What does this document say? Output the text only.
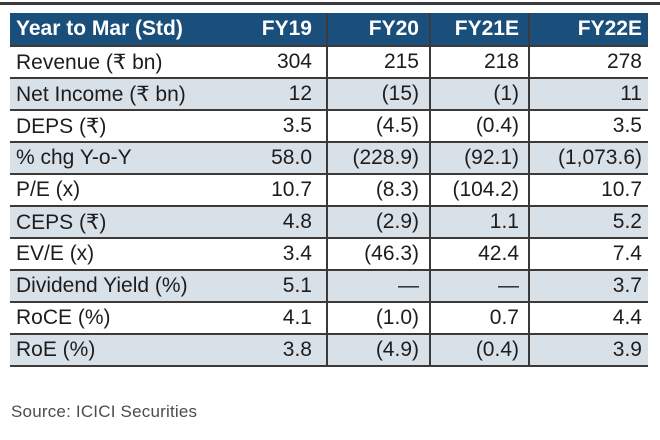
Year to Mar (Std)	FY19	FY20	FY21E	FY22E
Revenue (₹ bn)	304	215	218	278
Net Income (₹ bn)	12	(15)	(1)	11
DEPS (₹)	3.5	(4.5)	(0.4)	3.5
% chg Y-o-Y	58.0	(228.9)	(92.1)	(1,073.6)
P/E (x)	10.7	(8.3)	(104.2)	10.7
CEPS (₹)	4.8	(2.9)	1.1	5.2
EV/E (x)	3.4	(46.3)	42.4	7.4
Dividend Yield (%)	5.1	—	—	3.7
RoCE (%)	4.1	(1.0)	0.7	4.4
RoE (%)	3.8	(4.9)	(0.4)	3.9
Source: ICICI Securities
